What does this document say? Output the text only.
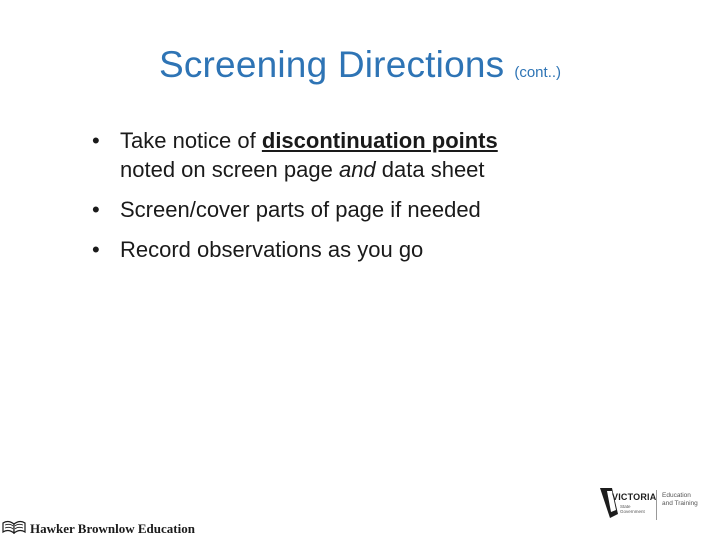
Screening Directions (cont..)
• Take notice of discontinuation points
noted on screen page and data sheet
• Screen/cover parts of page if needed
• Record observations as you go
Hawker Brownlow Education
VICTORIA
State
Government
Education
and Training
